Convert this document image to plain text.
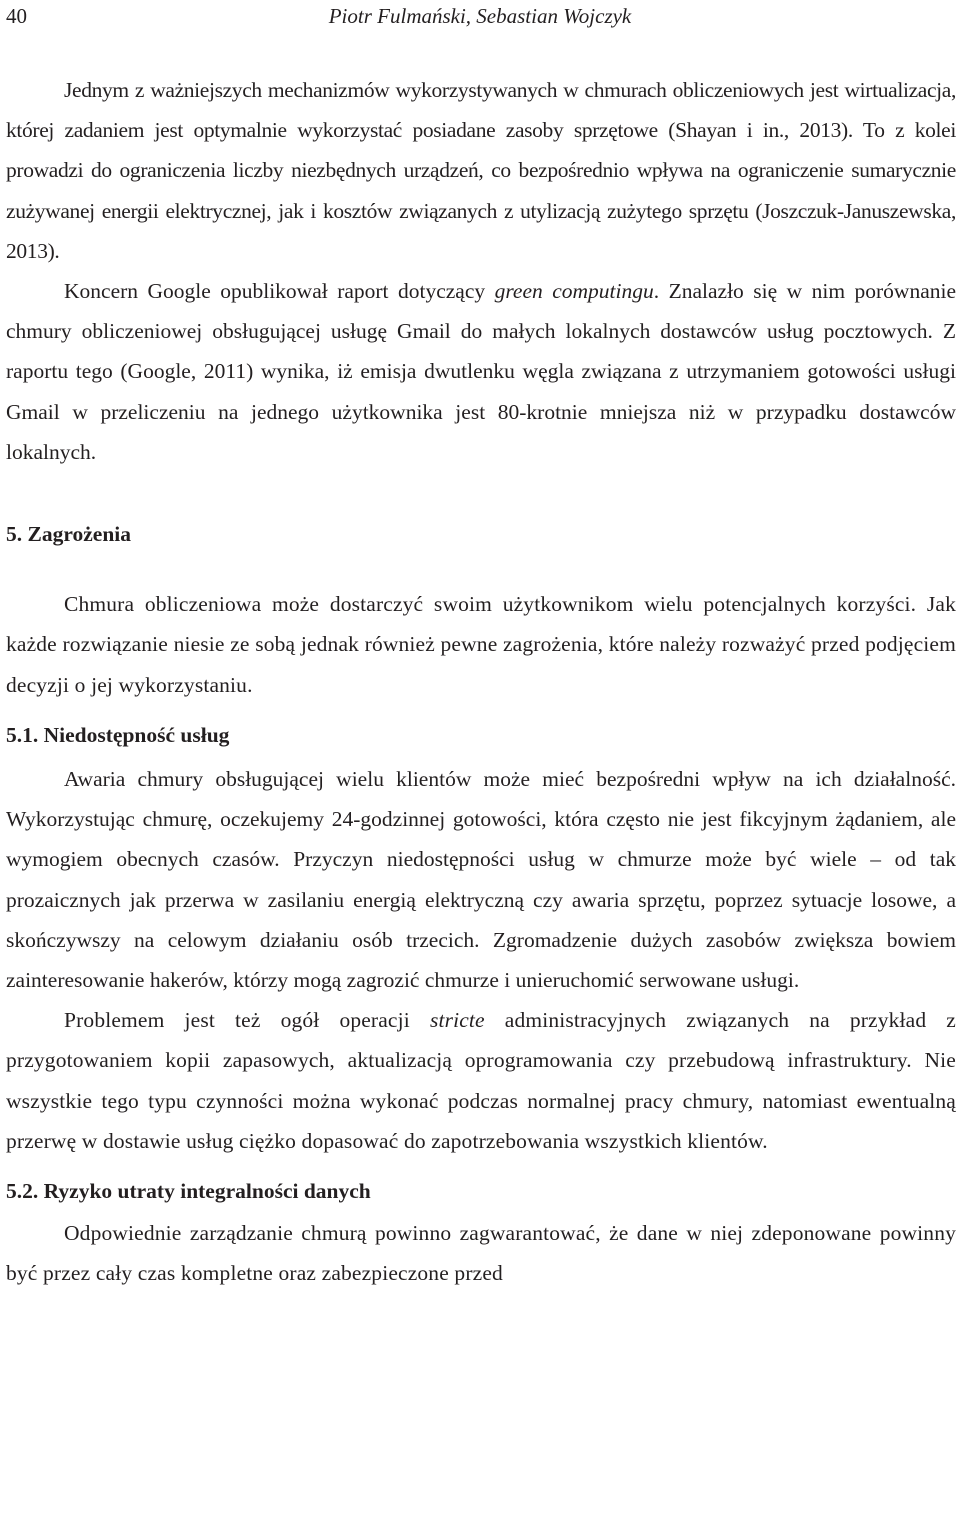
40	Piotr Fulmański, Sebastian Wojczyk

Jednym z ważniejszych mechanizmów wykorzystywanych w chmurach obliczeniowych jest wirtualizacja, której zadaniem jest optymalnie wykorzystać posiadane zasoby sprzętowe (Shayan i in., 2013). To z kolei prowadzi do ograniczenia liczby niezbędnych urządzeń, co bezpośrednio wpływa na ograniczenie sumarycznie zużywanej energii elektrycznej, jak i kosztów związanych z utylizacją zużytego sprzętu (Joszczuk-Januszewska, 2013).

Koncern Google opublikował raport dotyczący green computingu. Znalazło się w nim porównanie chmury obliczeniowej obsługującej usługę Gmail do małych lokalnych dostawców usług pocztowych. Z raportu tego (Google, 2011) wynika, iż emisja dwutlenku węgla związana z utrzymaniem gotowości usługi Gmail w przeliczeniu na jednego użytkownika jest 80-krotnie mniejsza niż w przypadku dostawców lokalnych.

5. Zagrożenia

Chmura obliczeniowa może dostarczyć swoim użytkownikom wielu potencjalnych korzyści. Jak każde rozwiązanie niesie ze sobą jednak również pewne zagrożenia, które należy rozważyć przed podjęciem decyzji o jej wykorzystaniu.

5.1. Niedostępność usług

Awaria chmury obsługującej wielu klientów może mieć bezpośredni wpływ na ich działalność. Wykorzystując chmurę, oczekujemy 24-godzinnej gotowości, która często nie jest fikcyjnym żądaniem, ale wymogiem obecnych czasów. Przyczyn niedostępności usług w chmurze może być wiele – od tak prozaicznych jak przerwa w zasilaniu energią elektryczną czy awaria sprzętu, poprzez sytuacje losowe, a skończywszy na celowym działaniu osób trzecich. Zgromadzenie dużych zasobów zwiększa bowiem zainteresowanie hakerów, którzy mogą zagrozić chmurze i unieruchomić serwowane usługi.

Problemem jest też ogół operacji stricte administracyjnych związanych na przykład z przygotowaniem kopii zapasowych, aktualizacją oprogramowania czy przebudową infrastruktury. Nie wszystkie tego typu czynności można wykonać podczas normalnej pracy chmury, natomiast ewentualną przerwę w dostawie usług ciężko dopasować do zapotrzebowania wszystkich klientów.

5.2. Ryzyko utraty integralności danych

Odpowiednie zarządzanie chmurą powinno zagwarantować, że dane w niej zdeponowane powinny być przez cały czas kompletne oraz zabezpieczone przed
